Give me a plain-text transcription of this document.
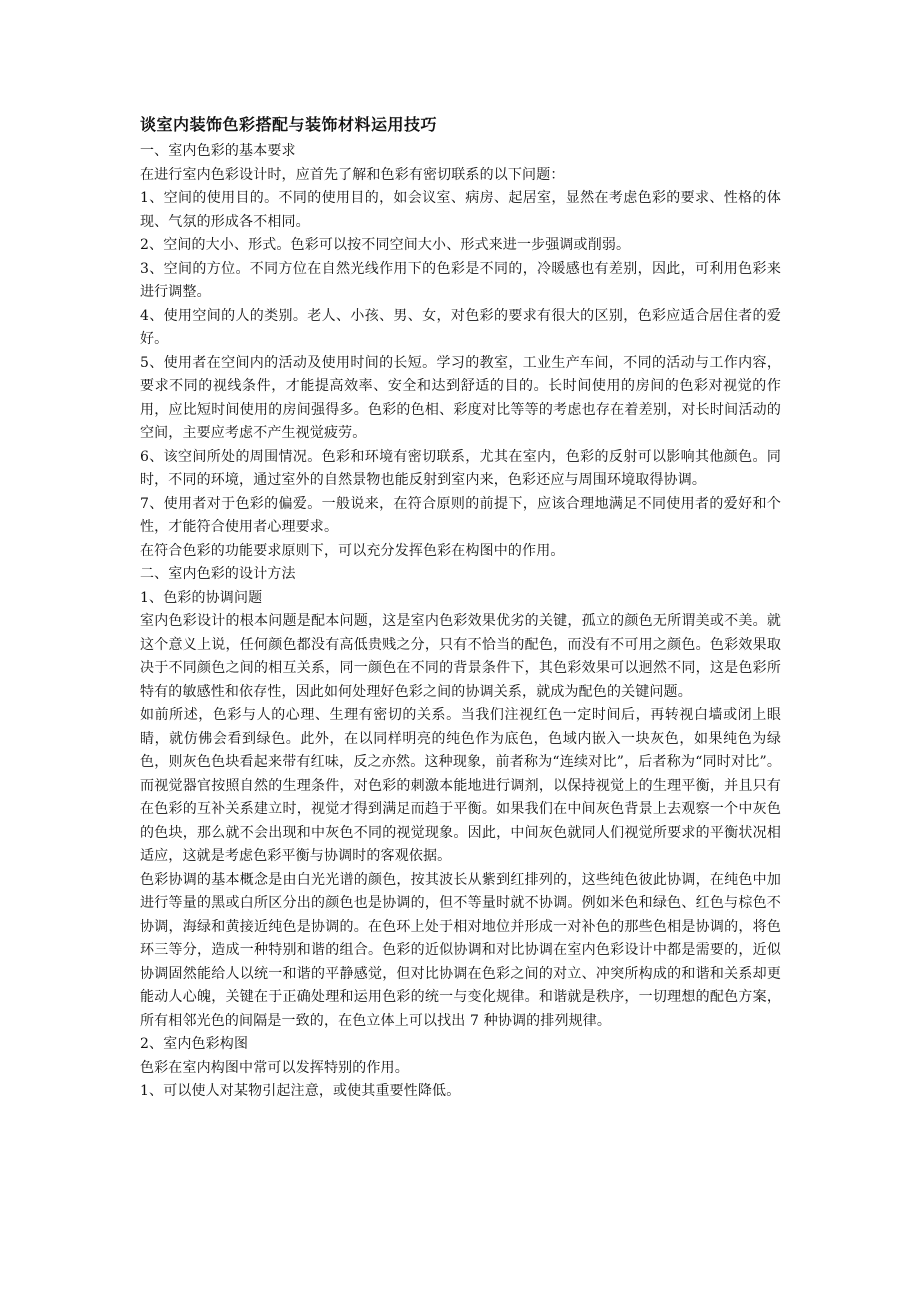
谈室内装饰色彩搭配与装饰材料运用技巧

一、室内色彩的基本要求

在进行室内色彩设计时，应首先了解和色彩有密切联系的以下问题：

1、空间的使用目的。不同的使用目的，如会议室、病房、起居室，显然在考虑色彩的要求、性格的体现、气氛的形成各不相同。

2、空间的大小、形式。色彩可以按不同空间大小、形式来进一步强调或削弱。

3、空间的方位。不同方位在自然光线作用下的色彩是不同的，冷暖感也有差别，因此，可利用色彩来进行调整。

4、使用空间的人的类别。老人、小孩、男、女，对色彩的要求有很大的区别，色彩应适合居住者的爱好。

5、使用者在空间内的活动及使用时间的长短。学习的教室，工业生产车间，不同的活动与工作内容，要求不同的视线条件，才能提高效率、安全和达到舒适的目的。长时间使用的房间的色彩对视觉的作用，应比短时间使用的房间强得多。色彩的色相、彩度对比等等的考虑也存在着差别，对长时间活动的空间，主要应考虑不产生视觉疲劳。

6、该空间所处的周围情况。色彩和环境有密切联系，尤其在室内，色彩的反射可以影响其他颜色。同时，不同的环境，通过室外的自然景物也能反射到室内来，色彩还应与周围环境取得协调。

7、使用者对于色彩的偏爱。一般说来，在符合原则的前提下，应该合理地满足不同使用者的爱好和个性，才能符合使用者心理要求。

在符合色彩的功能要求原则下，可以充分发挥色彩在构图中的作用。

二、室内色彩的设计方法

1、色彩的协调问题

室内色彩设计的根本问题是配本问题，这是室内色彩效果优劣的关键，孤立的颜色无所谓美或不美。就这个意义上说，任何颜色都没有高低贵贱之分，只有不恰当的配色，而没有不可用之颜色。色彩效果取决于不同颜色之间的相互关系，同一颜色在不同的背景条件下，其色彩效果可以迥然不同，这是色彩所特有的敏感性和依存性，因此如何处理好色彩之间的协调关系，就成为配色的关键问题。

如前所述，色彩与人的心理、生理有密切的关系。当我们注视红色一定时间后，再转视白墙或闭上眼睛，就仿佛会看到绿色。此外，在以同样明亮的纯色作为底色，色域内嵌入一块灰色，如果纯色为绿色，则灰色色块看起来带有红味，反之亦然。这种现象，前者称为“连续对比”，后者称为“同时对比”。而视觉器官按照自然的生理条件，对色彩的刺激本能地进行调剂，以保持视觉上的生理平衡，并且只有在色彩的互补关系建立时，视觉才得到满足而趋于平衡。如果我们在中间灰色背景上去观察一个中灰色的色块，那么就不会出现和中灰色不同的视觉现象。因此，中间灰色就同人们视觉所要求的平衡状况相适应，这就是考虑色彩平衡与协调时的客观依据。

色彩协调的基本概念是由白光光谱的颜色，按其波长从紫到红排列的，这些纯色彼此协调，在纯色中加进行等量的黑或白所区分出的颜色也是协调的，但不等量时就不协调。例如米色和绿色、红色与棕色不协调，海绿和黄接近纯色是协调的。在色环上处于相对地位并形成一对补色的那些色相是协调的，将色环三等分，造成一种特别和谐的组合。色彩的近似协调和对比协调在室内色彩设计中都是需要的，近似协调固然能给人以统一和谐的平静感觉，但对比协调在色彩之间的对立、冲突所构成的和谐和关系却更能动人心魄，关键在于正确处理和运用色彩的统一与变化规律。和谐就是秩序，一切理想的配色方案，所有相邻光色的间隔是一致的，在色立体上可以找出 7 种协调的排列规律。

2、室内色彩构图

色彩在室内构图中常可以发挥特别的作用。

1、可以使人对某物引起注意，或使其重要性降低。
